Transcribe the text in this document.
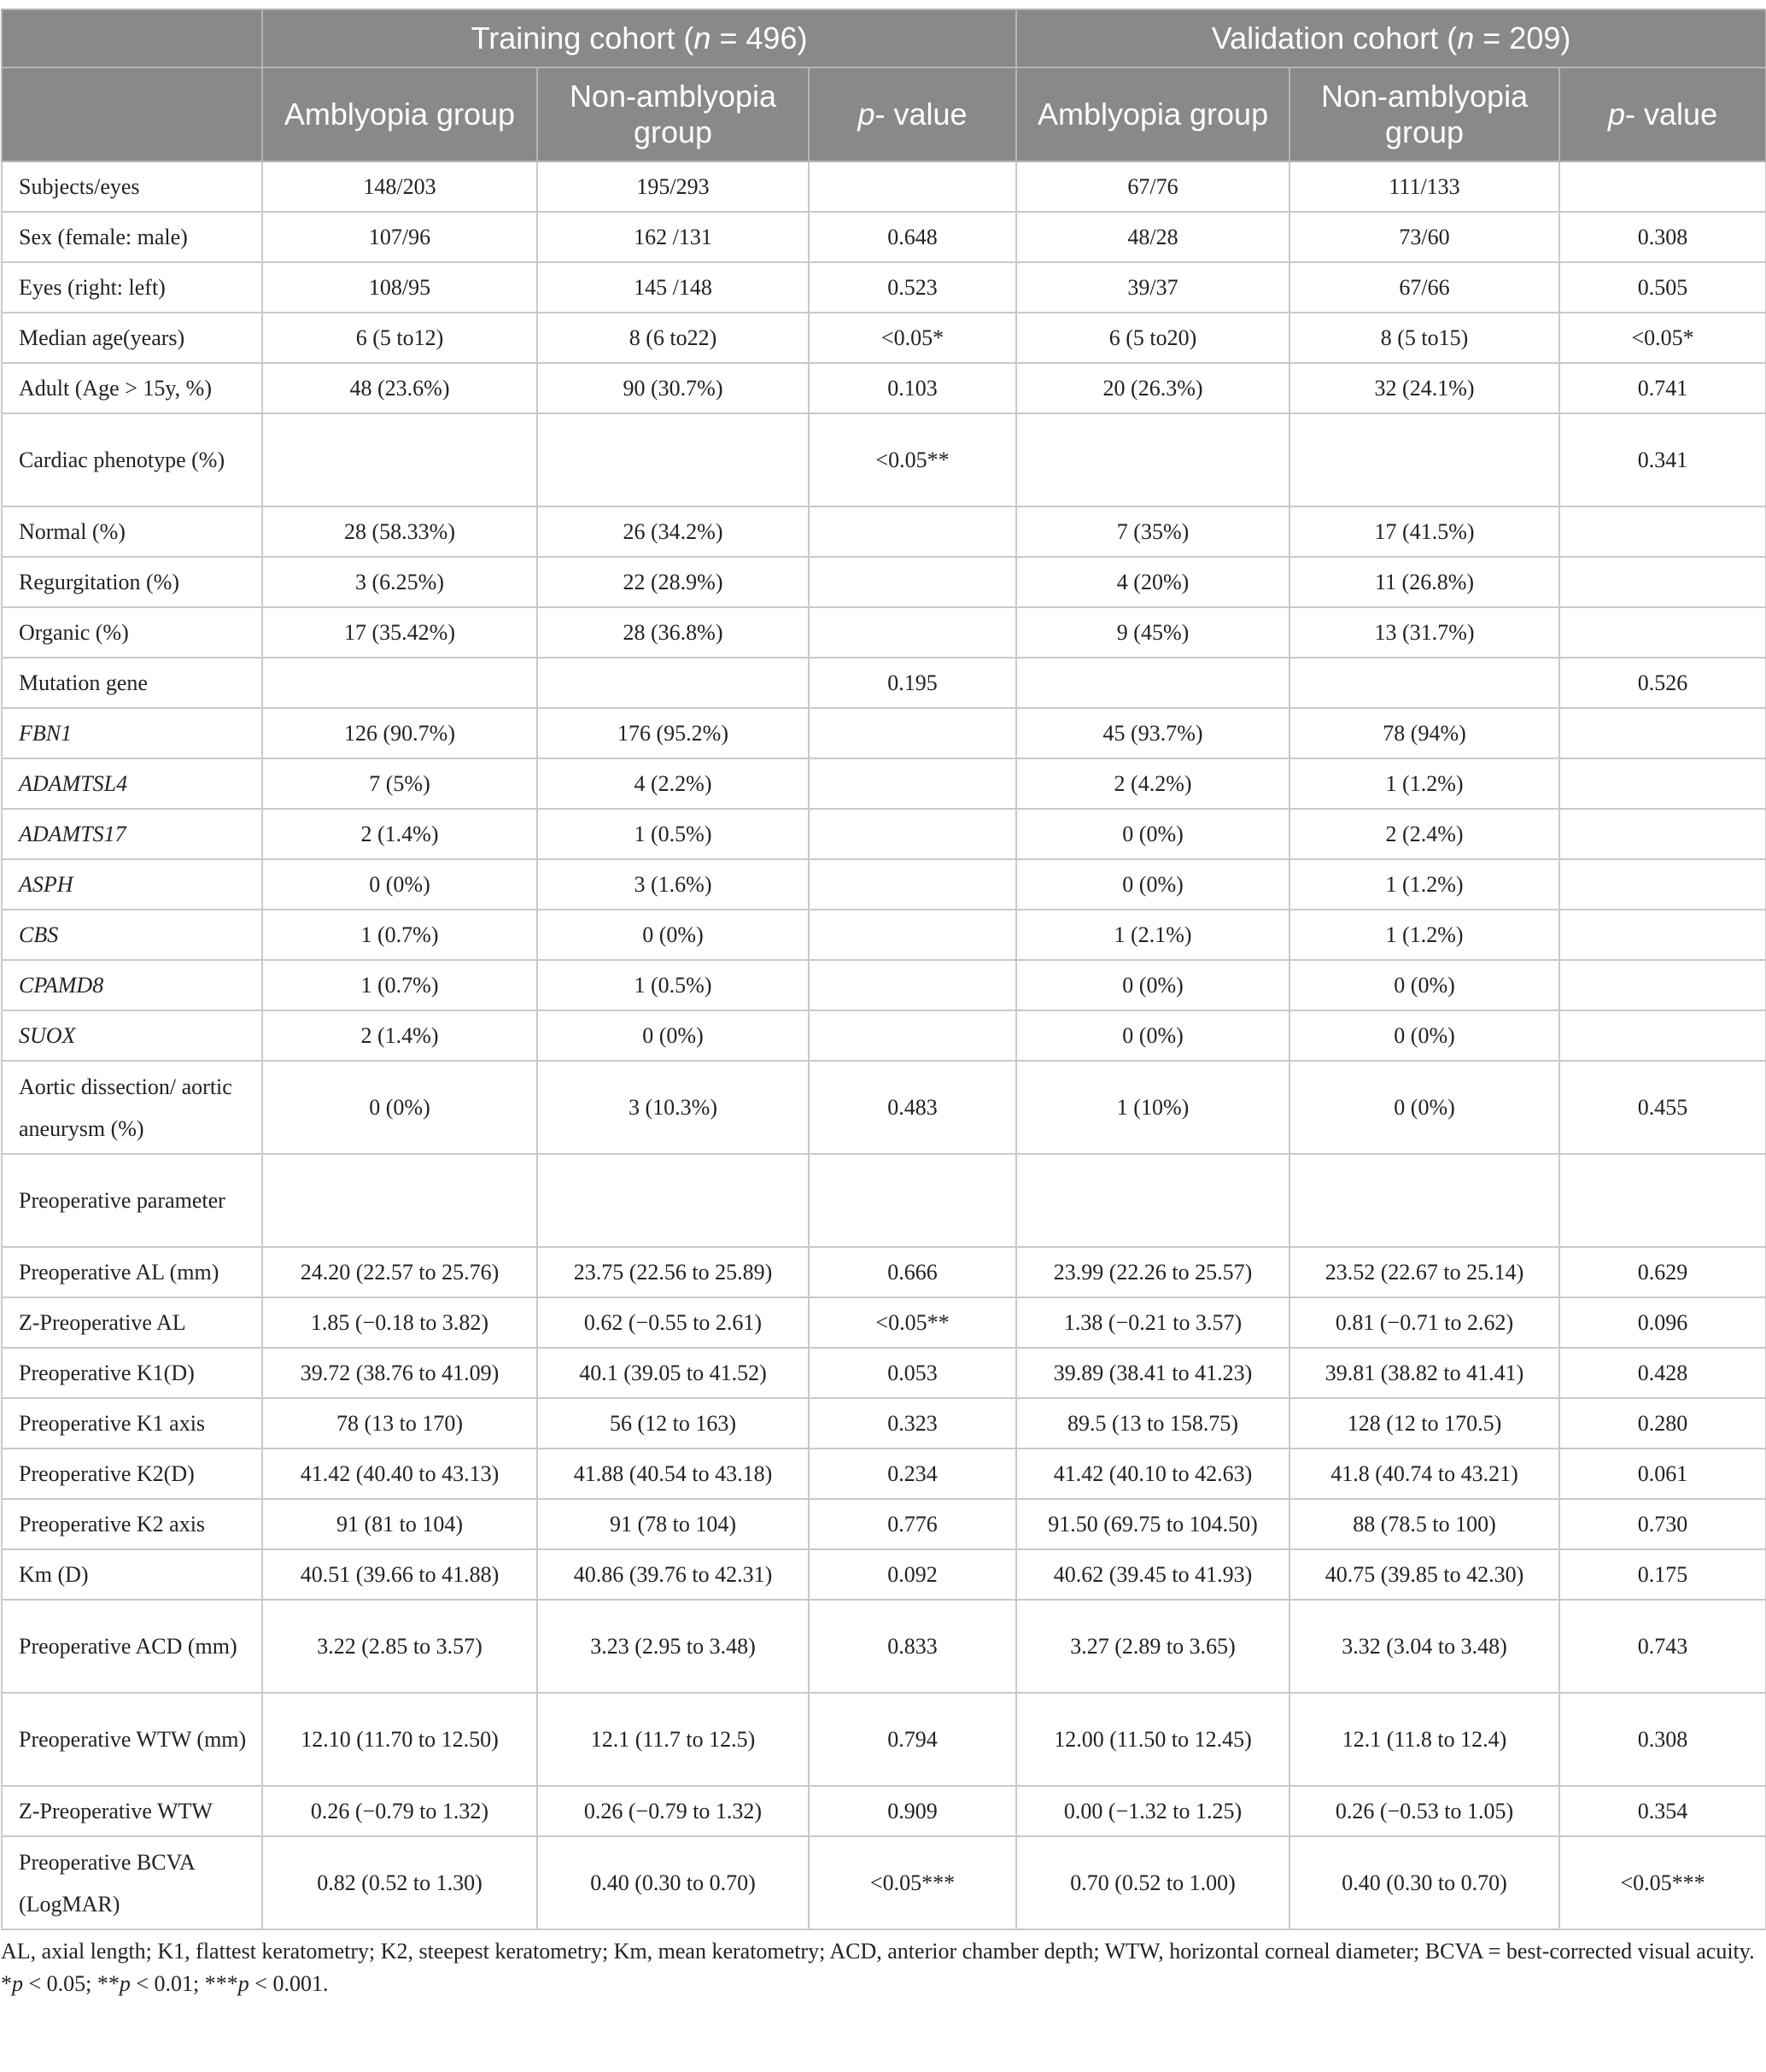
	Training cohort (n = 496)			Validation cohort (n = 209)		
	Amblyopia group	Non-amblyopia group	p- value	Amblyopia group	Non-amblyopia group	p- value
Subjects/eyes	148/203	195/293		67/76	111/133	
Sex (female: male)	107/96	162 /131	0.648	48/28	73/60	0.308
Eyes (right: left)	108/95	145 /148	0.523	39/37	67/66	0.505
Median age(years)	6 (5 to12)	8 (6 to22)	<0.05*	6 (5 to20)	8 (5 to15)	<0.05*
Adult (Age > 15y, %)	48 (23.6%)	90 (30.7%)	0.103	20 (26.3%)	32 (24.1%)	0.741
Cardiac phenotype (%)			<0.05**			0.341
Normal (%)	28 (58.33%)	26 (34.2%)		7 (35%)	17 (41.5%)	
Regurgitation (%)	3 (6.25%)	22 (28.9%)		4 (20%)	11 (26.8%)	
Organic (%)	17 (35.42%)	28 (36.8%)		9 (45%)	13 (31.7%)	
Mutation gene			0.195			0.526
FBN1	126 (90.7%)	176 (95.2%)		45 (93.7%)	78 (94%)	
ADAMTSL4	7 (5%)	4 (2.2%)		2 (4.2%)	1 (1.2%)	
ADAMTS17	2 (1.4%)	1 (0.5%)		0 (0%)	2 (2.4%)	
ASPH	0 (0%)	3 (1.6%)		0 (0%)	1 (1.2%)	
CBS	1 (0.7%)	0 (0%)		1 (2.1%)	1 (1.2%)	
CPAMD8	1 (0.7%)	1 (0.5%)		0 (0%)	0 (0%)	
SUOX	2 (1.4%)	0 (0%)		0 (0%)	0 (0%)	
Aortic dissection/ aortic aneurysm (%)	0 (0%)	3 (10.3%)	0.483	1 (10%)	0 (0%)	0.455
Preoperative parameter						
Preoperative AL (mm)	24.20 (22.57 to 25.76)	23.75 (22.56 to 25.89)	0.666	23.99 (22.26 to 25.57)	23.52 (22.67 to 25.14)	0.629
Z-Preoperative AL	1.85 (−0.18 to 3.82)	0.62 (−0.55 to 2.61)	<0.05**	1.38 (−0.21 to 3.57)	0.81 (−0.71 to 2.62)	0.096
Preoperative K1(D)	39.72 (38.76 to 41.09)	40.1 (39.05 to 41.52)	0.053	39.89 (38.41 to 41.23)	39.81 (38.82 to 41.41)	0.428
Preoperative K1 axis	78 (13 to 170)	56 (12 to 163)	0.323	89.5 (13 to 158.75)	128 (12 to 170.5)	0.280
Preoperative K2(D)	41.42 (40.40 to 43.13)	41.88 (40.54 to 43.18)	0.234	41.42 (40.10 to 42.63)	41.8 (40.74 to 43.21)	0.061
Preoperative K2 axis	91 (81 to 104)	91 (78 to 104)	0.776	91.50 (69.75 to 104.50)	88 (78.5 to 100)	0.730
Km (D)	40.51 (39.66 to 41.88)	40.86 (39.76 to 42.31)	0.092	40.62 (39.45 to 41.93)	40.75 (39.85 to 42.30)	0.175
Preoperative ACD (mm)	3.22 (2.85 to 3.57)	3.23 (2.95 to 3.48)	0.833	3.27 (2.89 to 3.65)	3.32 (3.04 to 3.48)	0.743
Preoperative WTW (mm)	12.10 (11.70 to 12.50)	12.1 (11.7 to 12.5)	0.794	12.00 (11.50 to 12.45)	12.1 (11.8 to 12.4)	0.308
Z-Preoperative WTW	0.26 (−0.79 to 1.32)	0.26 (−0.79 to 1.32)	0.909	0.00 (−1.32 to 1.25)	0.26 (−0.53 to 1.05)	0.354
Preoperative BCVA (LogMAR)	0.82 (0.52 to 1.30)	0.40 (0.30 to 0.70)	<0.05***	0.70 (0.52 to 1.00)	0.40 (0.30 to 0.70)	<0.05***
AL, axial length; K1, flattest keratometry; K2, steepest keratometry; Km, mean keratometry; ACD, anterior chamber depth; WTW, horizontal corneal diameter; BCVA = best-corrected visual acuity. *p < 0.05; **p < 0.01; ***p < 0.001.
